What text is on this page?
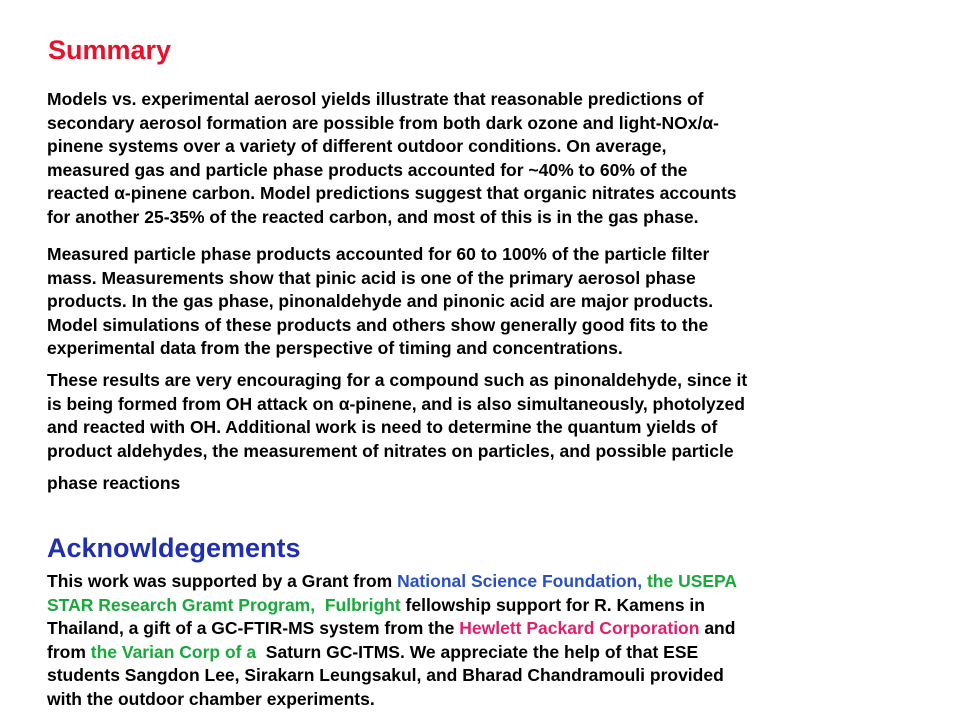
Summary

Models vs. experimental aerosol yields illustrate that reasonable predictions of
secondary aerosol formation are possible from both dark ozone and light-NOx/α-
pinene systems over a variety of different outdoor conditions. On average,
measured gas and particle phase products accounted for ~40% to 60% of the
reacted α-pinene carbon. Model predictions suggest that organic nitrates accounts
for another 25-35% of the reacted carbon, and most of this is in the gas phase.

Measured particle phase products accounted for 60 to 100% of the particle filter
mass. Measurements show that pinic acid is one of the primary aerosol phase
products. In the gas phase, pinonaldehyde and pinonic acid are major products.
Model simulations of these products and others show generally good fits to the
experimental data from the perspective of timing and concentrations.

These results are very encouraging for a compound such as pinonaldehyde, since it
is being formed from OH attack on α-pinene, and is also simultaneously, photolyzed
and reacted with OH. Additional work is need to determine the quantum yields of
product aldehydes, the measurement of nitrates on particles, and possible particle

phase reactions

Acknowldegements

This work was supported by a Grant from National Science Foundation, the USEPA
STAR Research Gramt Program, Fulbright fellowship support for R. Kamens in
Thailand, a gift of a GC-FTIR-MS system from the Hewlett Packard Corporation and
from the Varian Corp of a  Saturn GC-ITMS. We appreciate the help of that ESE
students Sangdon Lee, Sirakarn Leungsakul, and Bharad Chandramouli provided
with the outdoor chamber experiments.
